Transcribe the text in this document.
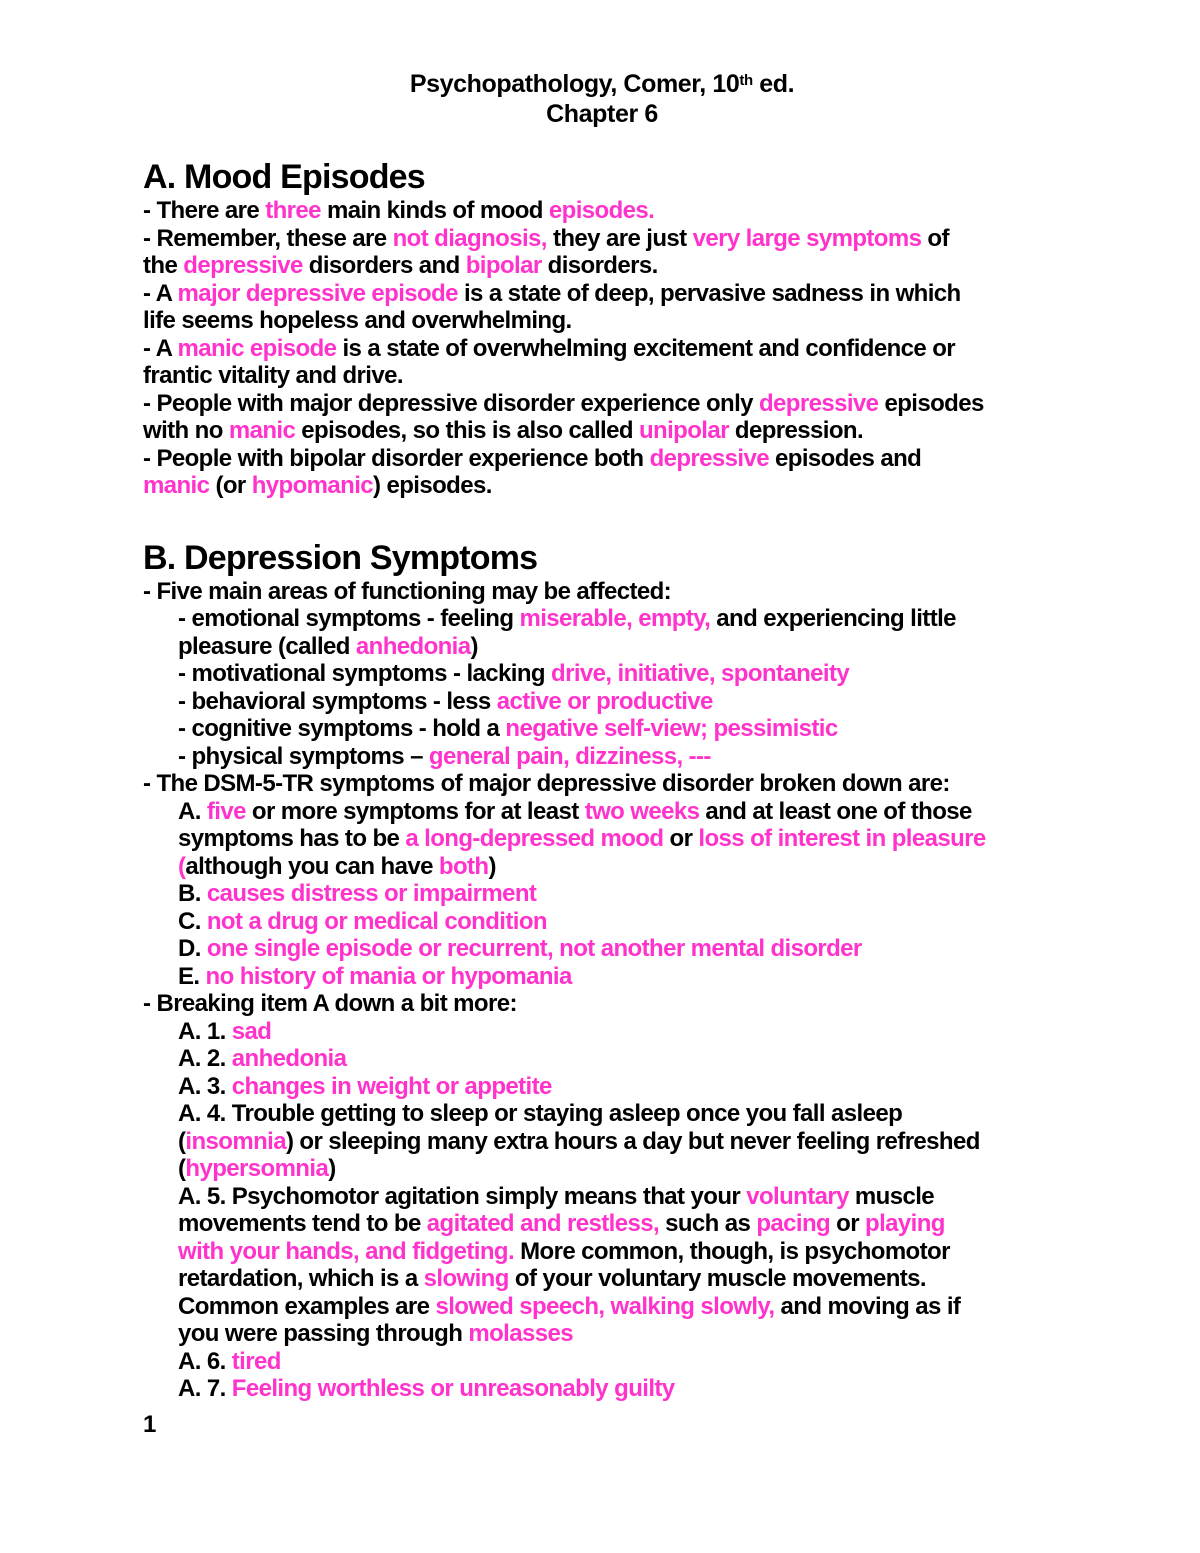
Psychopathology, Comer, 10th ed.
Chapter 6
A. Mood Episodes
- There are three main kinds of mood episodes.
- Remember, these are not diagnosis, they are just very large symptoms of
the depressive disorders and bipolar disorders.
- A major depressive episode is a state of deep, pervasive sadness in which
life seems hopeless and overwhelming.
- A manic episode is a state of overwhelming excitement and confidence or
frantic vitality and drive.
- People with major depressive disorder experience only depressive episodes
with no manic episodes, so this is also called unipolar depression.
- People with bipolar disorder experience both depressive episodes and
manic (or hypomanic) episodes.
B. Depression Symptoms
- Five main areas of functioning may be affected:
- emotional symptoms - feeling miserable, empty, and experiencing little
pleasure (called anhedonia)
- motivational symptoms - lacking drive, initiative, spontaneity
- behavioral symptoms - less active or productive
- cognitive symptoms - hold a negative self-view; pessimistic
- physical symptoms – general pain, dizziness, ---
- The DSM-5-TR symptoms of major depressive disorder broken down are:
A. five or more symptoms for at least two weeks and at least one of those
symptoms has to be a long-depressed mood or loss of interest in pleasure
(although you can have both)
B. causes distress or impairment
C. not a drug or medical condition
D. one single episode or recurrent, not another mental disorder
E. no history of mania or hypomania
- Breaking item A down a bit more:
A. 1. sad
A. 2. anhedonia
A. 3. changes in weight or appetite
A. 4. Trouble getting to sleep or staying asleep once you fall asleep
(insomnia) or sleeping many extra hours a day but never feeling refreshed
(hypersomnia)
A. 5. Psychomotor agitation simply means that your voluntary muscle
movements tend to be agitated and restless, such as pacing or playing
with your hands, and fidgeting. More common, though, is psychomotor
retardation, which is a slowing of your voluntary muscle movements.
Common examples are slowed speech, walking slowly, and moving as if
you were passing through molasses
A. 6. tired
A. 7. Feeling worthless or unreasonably guilty
1
